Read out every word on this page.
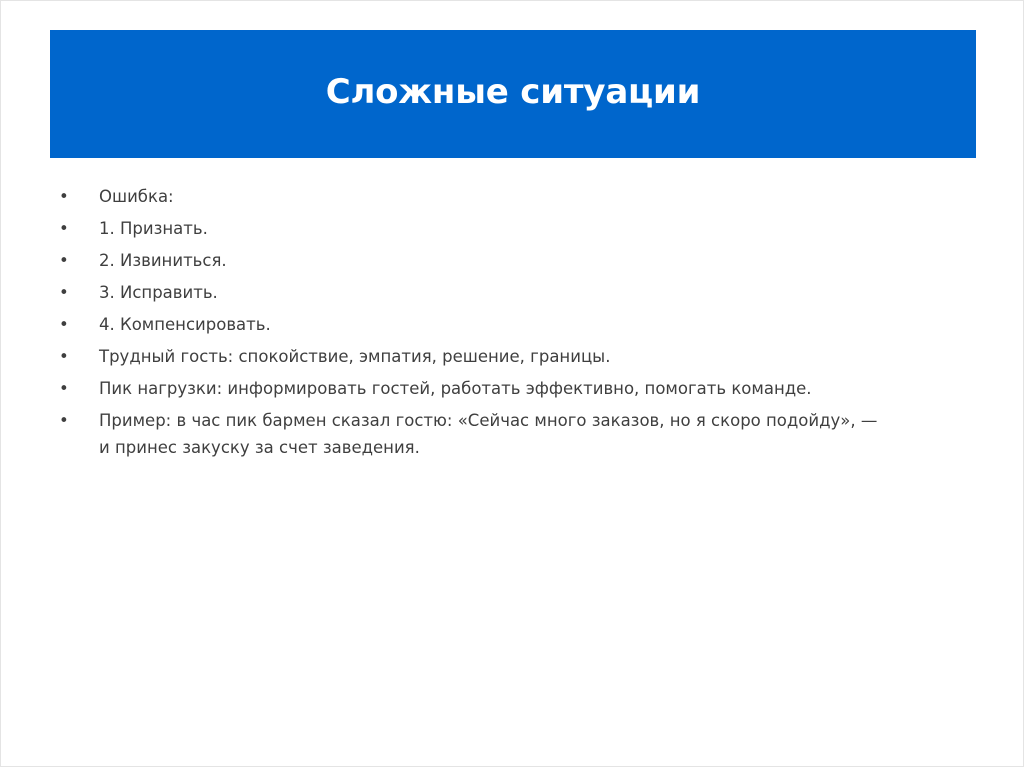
Сложные ситуации
•	Ошибка:
•	1. Признать.
•	2. Извиниться.
•	3. Исправить.
•	4. Компенсировать.
•	Трудный гость: спокойствие, эмпатия, решение, границы.
•	Пик нагрузки: информировать гостей, работать эффективно, помогать команде.
•	Пример: в час пик бармен сказал гостю: «Сейчас много заказов, но я скоро подойду», —
и принес закуску за счет заведения.
